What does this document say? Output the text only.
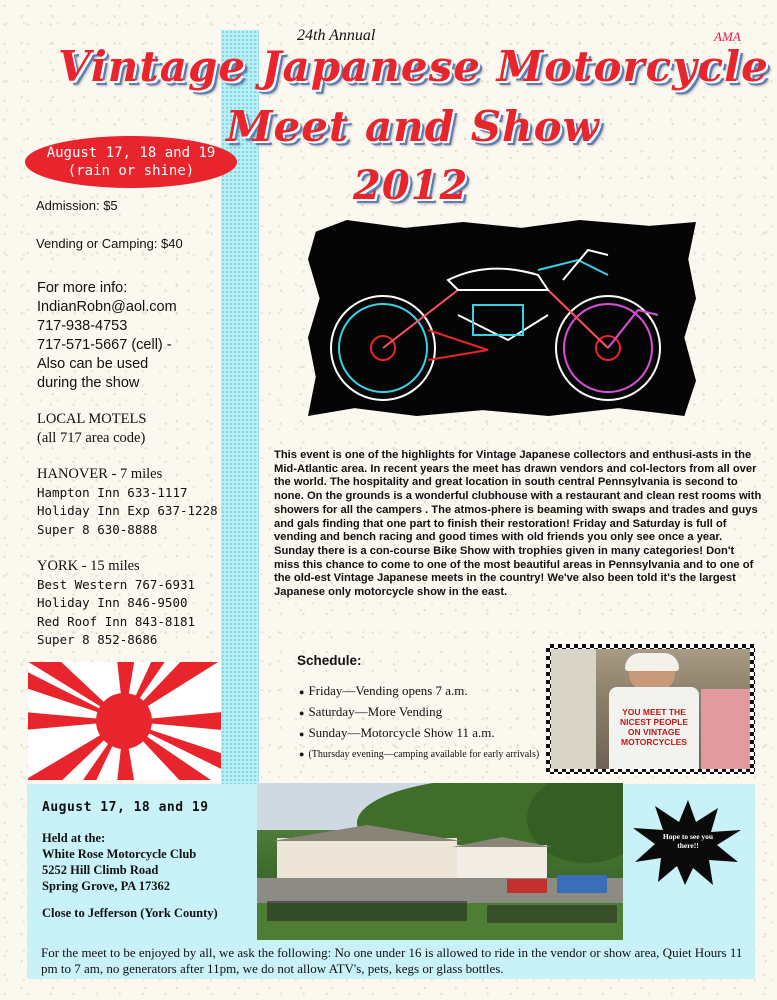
24th Annual	AMA
Vintage Japanese Motorcycle
Meet and Show
2012
August 17, 18 and 19
(rain or shine)
Admission: $5
Vending or Camping: $40
For more info:
IndianRobn@aol.com
717-938-4753
717-571-5667 (cell) -
Also can be used
during the show
LOCAL MOTELS
(all 717 area code)
HANOVER - 7 miles
Hampton Inn 633-1117
Holiday Inn Exp 637-1228
Super 8 630-8888
YORK - 15 miles
Best Western 767-6931
Holiday Inn 846-9500
Red Roof Inn 843-8181
Super 8 852-8686
This event is one of the highlights for Vintage Japanese collectors and enthusi-asts in the Mid-Atlantic area. In recent years the meet has drawn vendors and col-lectors from all over the world. The hospitality and great location in south central Pennsylvania is second to none. On the grounds is a wonderful clubhouse with a restaurant and clean rest rooms with showers for all the campers . The atmos-phere is beaming with swaps and trades and guys and gals finding that one part to finish their restoration! Friday and Saturday is full of vending and bench racing and good times with old friends you only see once a year. Sunday there is a con-course Bike Show with trophies given in many categories! Don't miss this chance to come to one of the most beautiful areas in Pennsylvania and to one of the old-est Vintage Japanese meets in the country! We've also been told it's the largest Japanese only motorcycle show in the east.
Schedule:
● Friday—Vending opens 7 a.m.
● Saturday—More Vending
● Sunday—Motorcycle Show 11 a.m.
● (Thursday evening—camping available for early arrivals)
YOU MEET THE
NICEST PEOPLE
ON VINTAGE
MOTORCYCLES
August 17, 18 and 19
Held at the:
White Rose Motorcycle Club
5252 Hill Climb Road
Spring Grove, PA 17362
Close to Jefferson (York County)
Hope to see you there!!
For the meet to be enjoyed by all, we ask the following: No one under 16 is allowed to ride in the vendor or show area, Quiet Hours 11 pm to 7 am, no generators after 11pm, we do not allow ATV's, pets, kegs or glass bottles.
